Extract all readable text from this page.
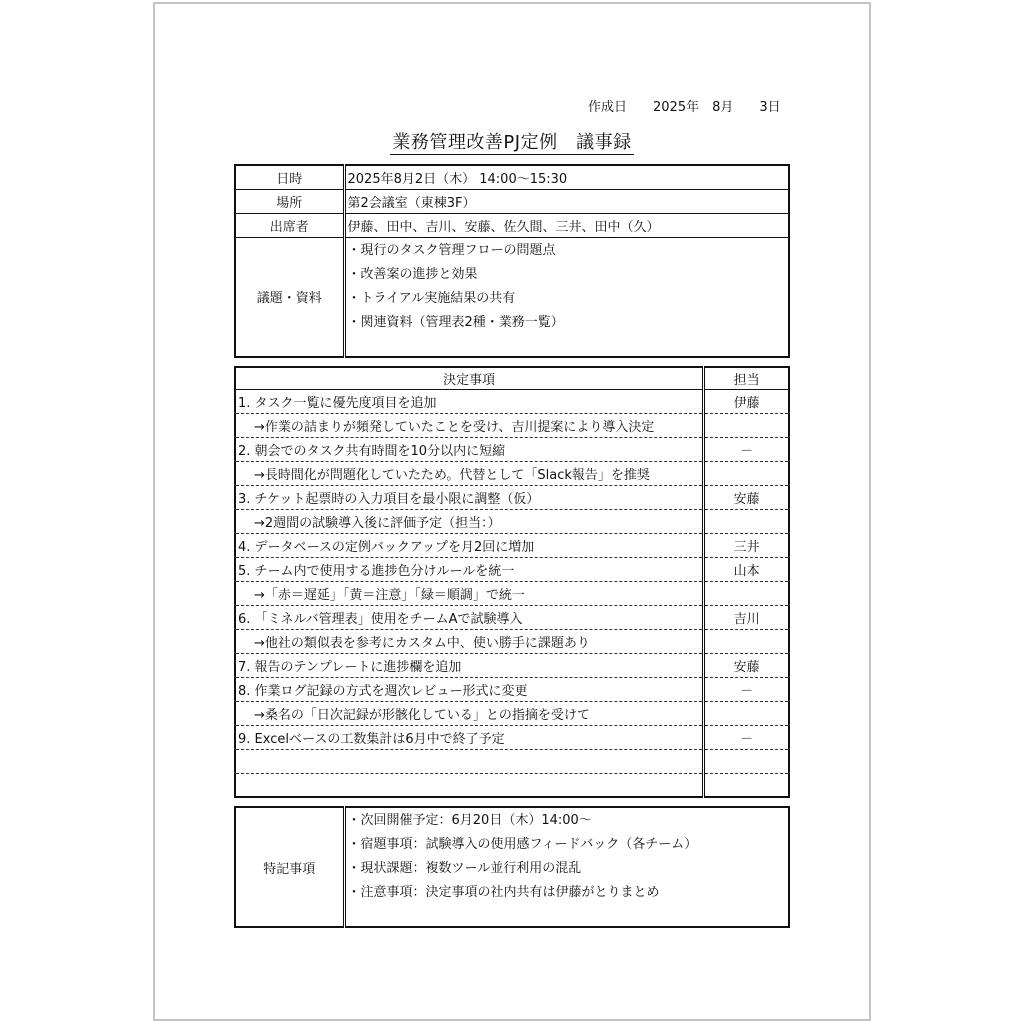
作成日　　2025年　8月　　3日
業務管理改善PJ定例　議事録
日時	2025年8月2日（木） 14:00～15:30
場所	第2会議室（東棟3F）
出席者	伊藤、田中、吉川、安藤、佐久間、三井、田中（久）
議題・資料	・現行のタスク管理フローの問題点
・改善案の進捗と効果
・トライアル実施結果の共有
・関連資料（管理表2種・業務一覧）
決定事項	担当
1. タスク一覧に優先度項目を追加	伊藤
→作業の詰まりが頻発していたことを受け、吉川提案により導入決定	
2. 朝会でのタスク共有時間を10分以内に短縮	－
→長時間化が問題化していたため。代替として「Slack報告」を推奨	
3. チケット起票時の入力項目を最小限に調整（仮）	安藤
→2週間の試験導入後に評価予定（担当：）	
4. データベースの定例バックアップを月2回に増加	三井
5. チーム内で使用する進捗色分けルールを統一	山本
→「赤＝遅延」「黄＝注意」「緑＝順調」で統一	
6. 「ミネルバ管理表」使用をチームAで試験導入	吉川
→他社の類似表を参考にカスタム中、使い勝手に課題あり	
7. 報告のテンプレートに進捗欄を追加	安藤
8. 作業ログ記録の方式を週次レビュー形式に変更	－
→桑名の「日次記録が形骸化している」との指摘を受けて	
9. Excelベースの工数集計は6月中で終了予定	－

特記事項	
・次回開催予定：6月20日（木）14:00～
・宿題事項：試験導入の使用感フィードバック（各チーム）
・現状課題：複数ツール並行利用の混乱
・注意事項：決定事項の社内共有は伊藤がとりまとめ
